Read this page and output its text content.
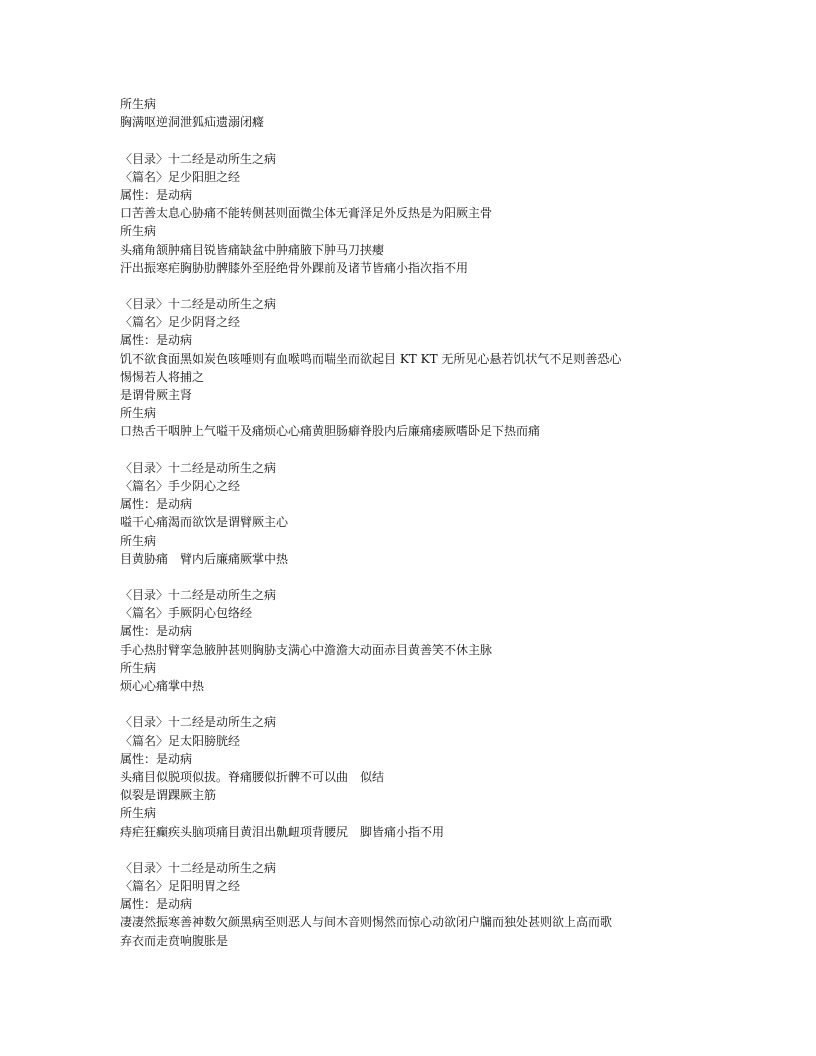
所生病
胸满呕逆洞泄狐疝遗溺闭癃
〈目录〉十二经是动所生之病
〈篇名〉足少阳胆之经
属性：是动病
口苦善太息心胁痛不能转侧甚则面微尘体无膏泽足外反热是为阳厥主骨
所生病
头痛角颔肿痛目锐皆痛缺盆中肿痛腋下肿马刀挟瘿
汗出振寒疟胸胁肋髀膝外至胫绝骨外踝前及诸节皆痛小指次指不用
〈目录〉十二经是动所生之病
〈篇名〉足少阴肾之经
属性：是动病
饥不欲食面黑如炭色咳唾则有血喉鸣而喘坐而欲起目 KT KT 无所见心悬若饥状气不足则善恐心
惕惕若人将捕之
是谓骨厥主肾
所生病
口热舌干咽肿上气嗌干及痛烦心心痛黄胆肠癖脊股内后廉痛痿厥嗜卧足下热而痛
〈目录〉十二经是动所生之病
〈篇名〉手少阴心之经
属性：是动病
嗌干心痛渴而欲饮是谓臂厥主心
所生病
目黄胁痛　臂内后廉痛厥掌中热
〈目录〉十二经是动所生之病
〈篇名〉手厥阴心包络经
属性：是动病
手心热肘臂挛急腋肿甚则胸胁支满心中澹澹大动面赤目黄善笑不休主脉
所生病
烦心心痛掌中热
〈目录〉十二经是动所生之病
〈篇名〉足太阳膀胱经
属性：是动病
头痛目似脱项似拔。脊痛腰似折髀不可以曲　似结
似裂是谓踝厥主筋
所生病
痔疟狂癫疾头脑项痛目黄泪出鼽衄项背腰尻　脚皆痛小指不用
〈目录〉十二经是动所生之病
〈篇名〉足阳明胃之经
属性：是动病
凄凄然振寒善神数欠颜黑病至则恶人与间木音则惕然而惊心动欲闭户牖而独处甚则欲上高而歌
弃衣而走贲响腹胀是
